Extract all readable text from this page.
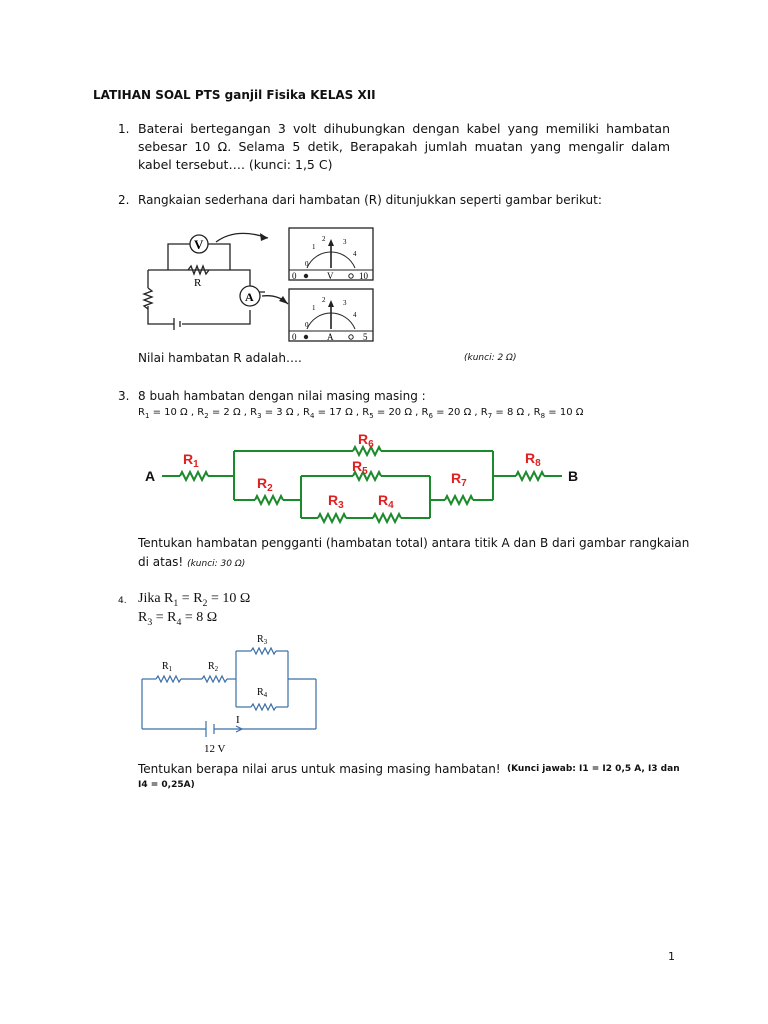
LATIHAN SOAL PTS ganjil Fisika KELAS XII
1. Baterai bertegangan 3 volt dihubungkan dengan kabel yang memiliki hambatan sebesar 10 Ω. Selama 5 detik, Berapakah jumlah muatan yang mengalir dalam kabel tersebut…. (kunci: 1,5 C)
2. Rangkaian sederhana dari hambatan (R) ditunjukkan seperti gambar berikut:
V
A
R
0
1
2	3
4
0	V	10
0
1
2	3
4
0	A	5
Nilai hambatan R adalah….	(kunci: 2 Ω)
3. 8 buah hambatan dengan nilai masing masing :
$R_1 = 10$ Ω , $R_2 = 2$ Ω , $R_3 = 3$ Ω , $R_4 = 17$ Ω , $R_5 = 20$ Ω , $R_6 = 20$ Ω , $R_7 = 8$ Ω , $R_8 = 10$ Ω
$R_1$
$R_2$
$R_3$ $R_4$
$R_5$
$R_6$
$R_7$
$R_8$
A	B
Tentukan hambatan pengganti (hambatan total) antara titik A dan B dari gambar rangkaian
di atas! (kunci: 30 Ω)
4. Jika $R_1 = R_2 = 10$ Ω
$R_3 = R_4 = 8$ Ω
$R_1$	$R_2$
$R_3$
$R_4$
I
12 V
Tentukan berapa nilai arus untuk masing masing hambatan! (Kunci jawab: I1 = I2 0,5 A, I3 dan
I4 = 0,25A)
1
